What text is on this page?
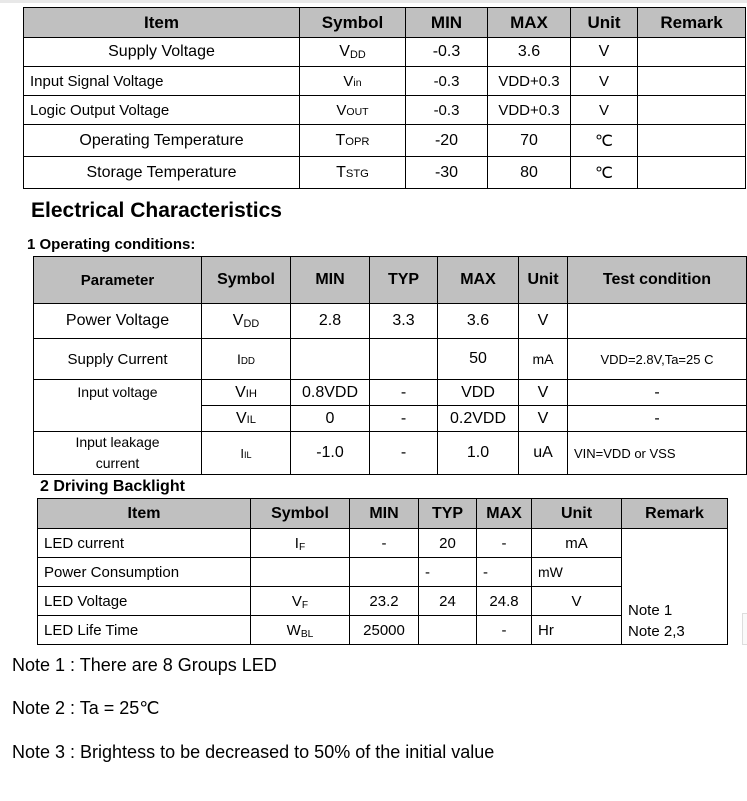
Item	Symbol	MIN	MAX	Unit	Remark
Supply Voltage	$V_{DD}$	-0.3	3.6	V	
Input Signal Voltage	Vin	-0.3	VDD+0.3	V	
Logic Output Voltage	VOUT	-0.3	VDD+0.3	V	
Operating Temperature	TOPR	-20	70	℃	
Storage Temperature	TSTG	-30	80	℃	
Electrical Characteristics
1 Operating conditions:
Parameter	Symbol	MIN	TYP	MAX	Unit	Test condition
Power Voltage	$V_{DD}$	2.8	3.3	3.6	V	
Supply Current	IDD			50	mA	VDD=2.8V,Ta=25 C
Input voltage	VIH	0.8VDD	-	VDD	V	-
	VIL	0	-	0.2VDD	V	-
Input leakage
current	IIL	-1.0	-	1.0	uA	VIN=VDD or VSS
2 Driving Backlight
Item	Symbol	MIN	TYP	MAX	Unit	Remark
LED current	$I_F$	-	20	-	mA	Note 1
Note 2,3
Power Consumption			-	-	mW	
LED Voltage	$V_F$	23.2	24	24.8	V	
LED Life Time	$W_{BL}$	25000		-	Hr	

Note 1 : There are 8 Groups LED

Note 2 : Ta = 25℃

Note 3 : Brightess to be decreased to 50% of the initial value
